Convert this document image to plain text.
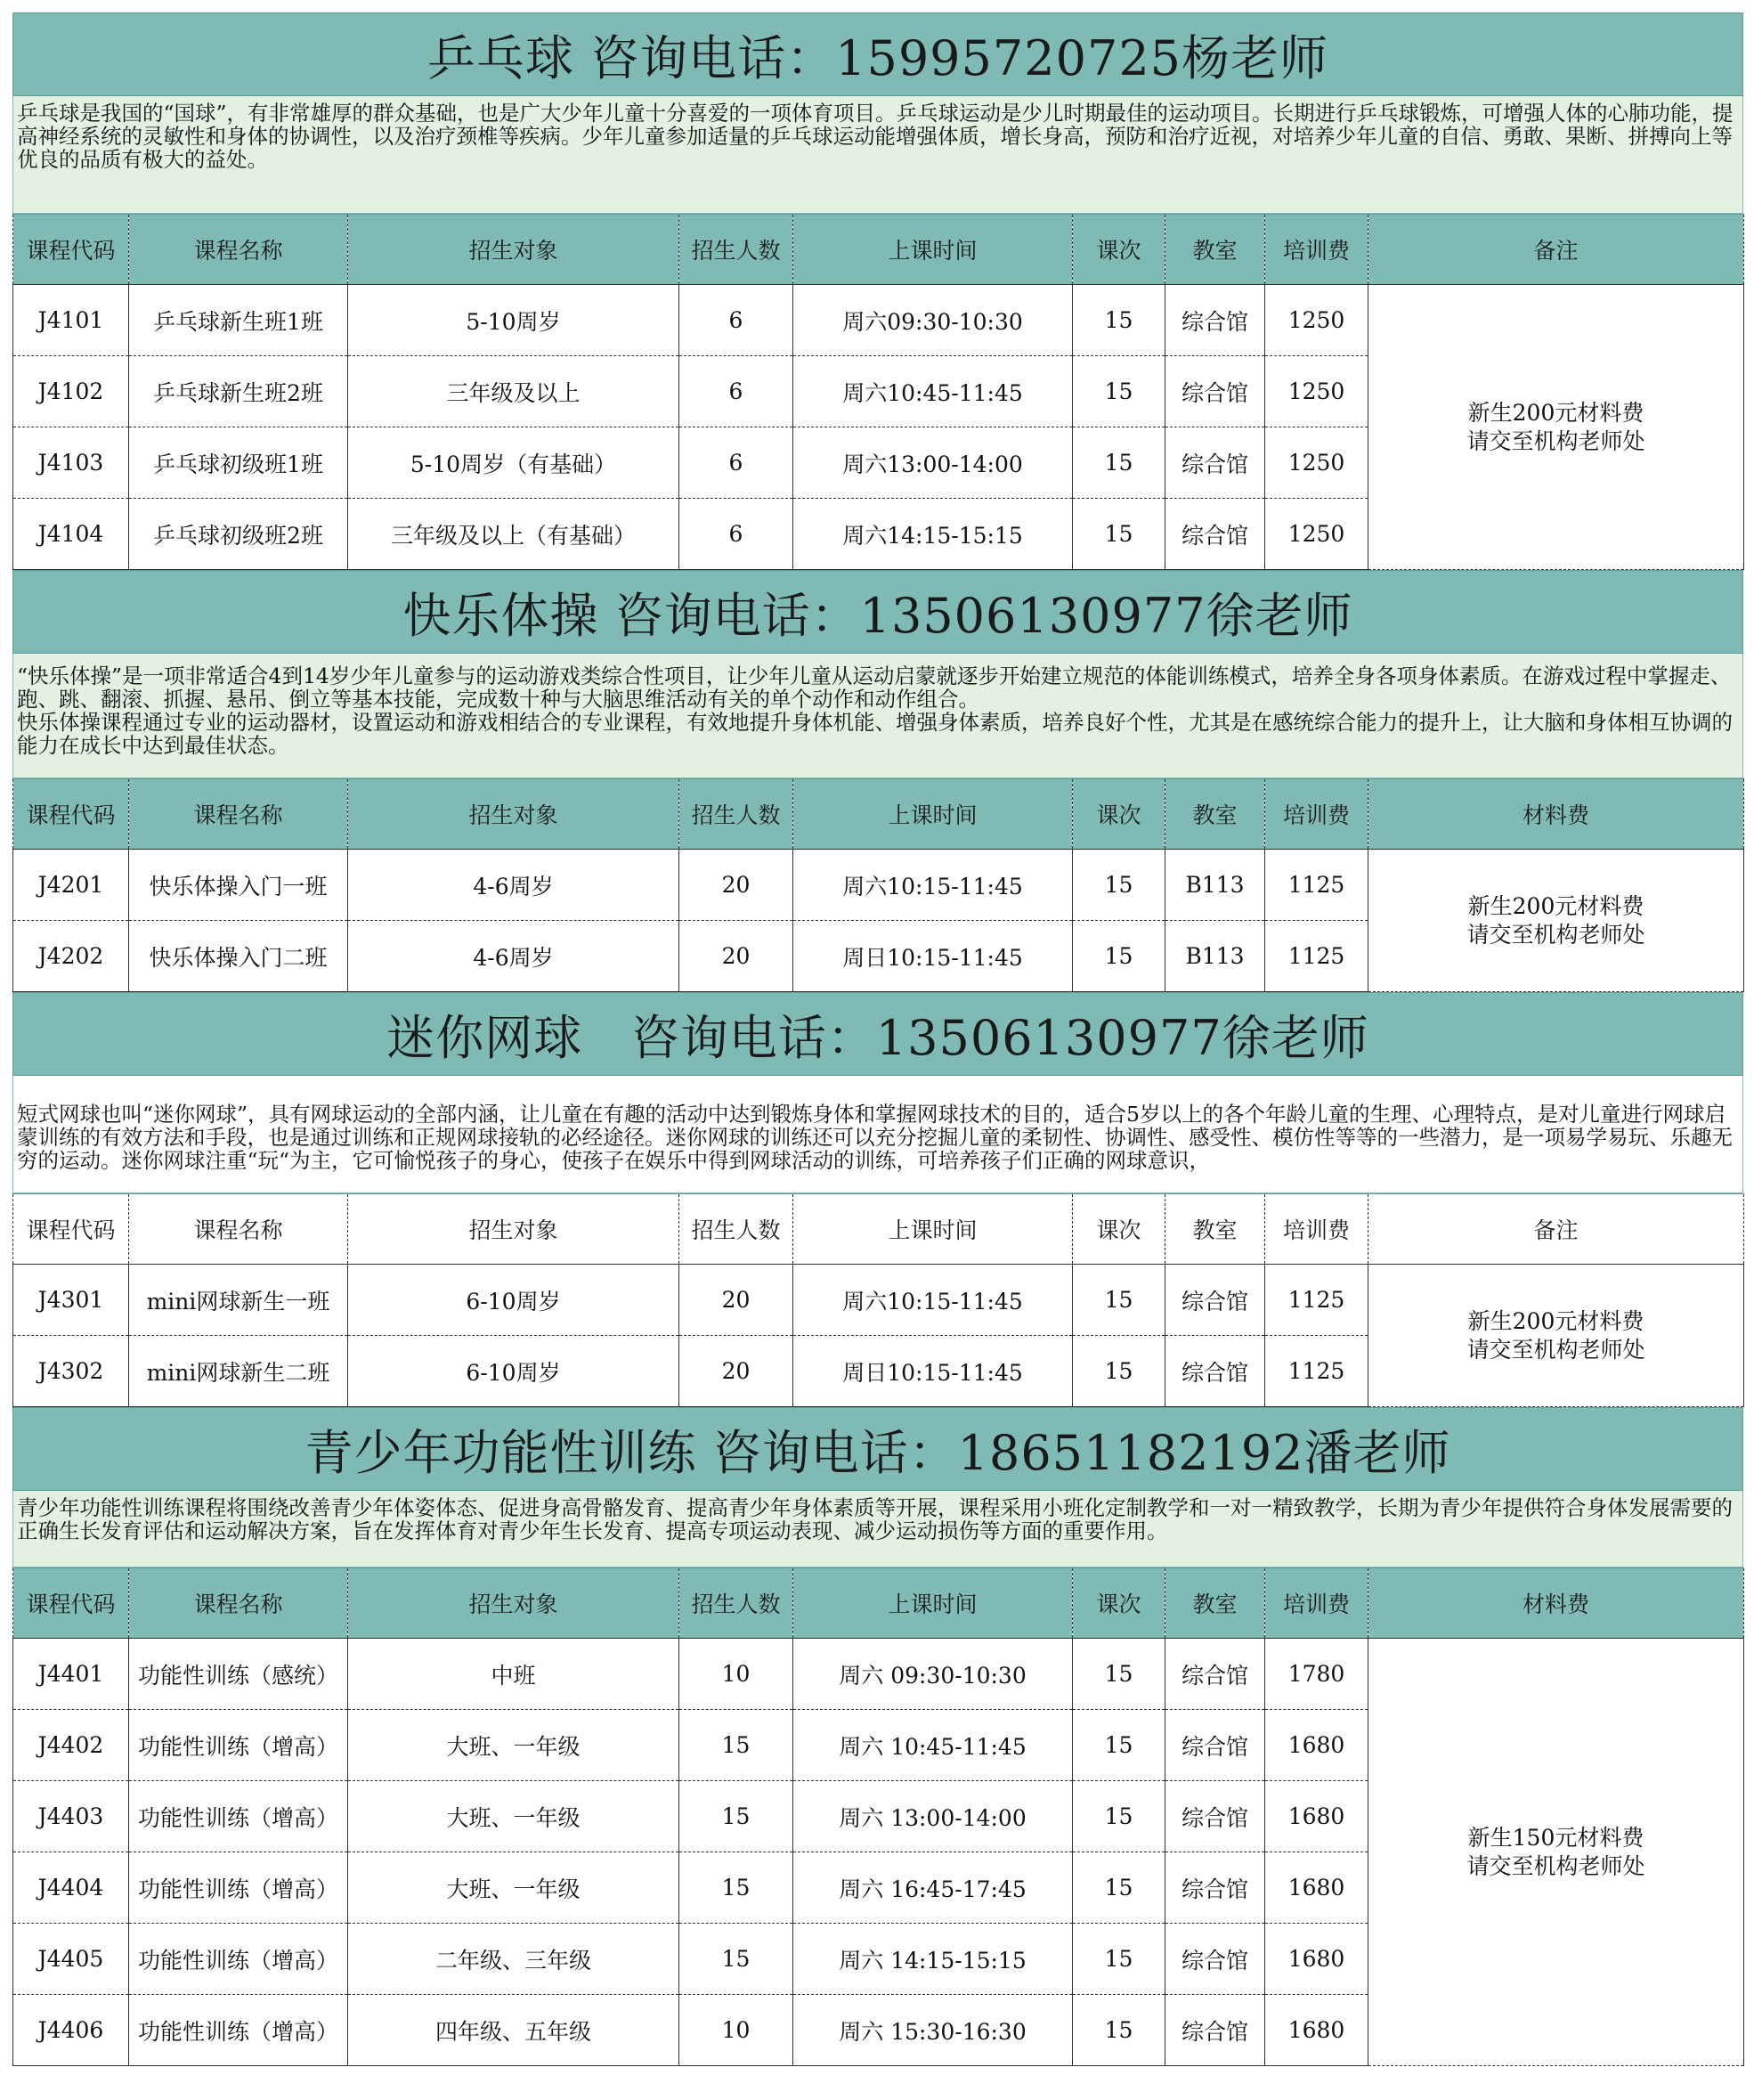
乒乓球 咨询电话：15995720725杨老师

乒乓球是我国的“国球”，有非常雄厚的群众基础，也是广大少年儿童十分喜爱的一项体育项目。乒乓球运动是少儿时期最佳的运动项目。长期进行乒乓球锻炼，可增强人体的心肺功能，提高神经系统的灵敏性和身体的协调性，以及治疗颈椎等疾病。少年儿童参加适量的乒乓球运动能增强体质，增长身高，预防和治疗近视，对培养少年儿童的自信、勇敢、果断、拼搏向上等优良的品质有极大的益处。

课程代码	课程名称	招生对象	招生人数	上课时间	课次	教室	培训费	备注
J4101	乒乓球新生班1班	5-10周岁	6	周六09:30-10:30	15	综合馆	1250	新生200元材料费
请交至机构老师处
J4102	乒乓球新生班2班	三年级及以上	6	周六10:45-11:45	15	综合馆	1250	
J4103	乒乓球初级班1班	5-10周岁（有基础）	6	周六13:00-14:00	15	综合馆	1250	
J4104	乒乓球初级班2班	三年级及以上（有基础）	6	周六14:15-15:15	15	综合馆	1250	
快乐体操 咨询电话：13506130977徐老师

“快乐体操”是一项非常适合4到14岁少年儿童参与的运动游戏类综合性项目，让少年儿童从运动启蒙就逐步开始建立规范的体能训练模式，培养全身各项身体素质。在游戏过程中掌握走、跑、跳、翻滚、抓握、悬吊、倒立等基本技能，完成数十种与大脑思维活动有关的单个动作和动作组合。

快乐体操课程通过专业的运动器材，设置运动和游戏相结合的专业课程，有效地提升身体机能、增强身体素质，培养良好个性，尤其是在感统综合能力的提升上，让大脑和身体相互协调的能力在成长中达到最佳状态。

课程代码	课程名称	招生对象	招生人数	上课时间	课次	教室	培训费	材料费
J4201	快乐体操入门一班	4-6周岁	20	周六10:15-11:45	15	B113	1125	新生200元材料费
请交至机构老师处
J4202	快乐体操入门二班	4-6周岁	20	周日10:15-11:45	15	B113	1125	
迷你网球   咨询电话：13506130977徐老师

短式网球也叫“迷你网球”，具有网球运动的全部内涵，让儿童在有趣的活动中达到锻炼身体和掌握网球技术的目的，适合5岁以上的各个年龄儿童的生理、心理特点，是对儿童进行网球启蒙训练的有效方法和手段，也是通过训练和正规网球接轨的必经途径。迷你网球的训练还可以充分挖掘儿童的柔韧性、协调性、感受性、模仿性等等的一些潜力，是一项易学易玩、乐趣无穷的运动。迷你网球注重“玩“为主，它可愉悦孩子的身心，使孩子在娱乐中得到网球活动的训练，可培养孩子们正确的网球意识，

课程代码	课程名称	招生对象	招生人数	上课时间	课次	教室	培训费	备注
J4301	mini网球新生一班	6-10周岁	20	周六10:15-11:45	15	综合馆	1125	新生200元材料费
请交至机构老师处
J4302	mini网球新生二班	6-10周岁	20	周日10:15-11:45	15	综合馆	1125	
青少年功能性训练 咨询电话：18651182192潘老师

青少年功能性训练课程将围绕改善青少年体姿体态、促进身高骨骼发育、提高青少年身体素质等开展，课程采用小班化定制教学和一对一精致教学，长期为青少年提供符合身体发展需要的正确生长发育评估和运动解决方案，旨在发挥体育对青少年生长发育、提高专项运动表现、减少运动损伤等方面的重要作用。

课程代码	课程名称	招生对象	招生人数	上课时间	课次	教室	培训费	材料费
J4401	功能性训练（感统）	中班	10	周六 09:30-10:30	15	综合馆	1780	新生150元材料费
请交至机构老师处
J4402	功能性训练（增高）	大班、一年级	15	周六 10:45-11:45	15	综合馆	1680	
J4403	功能性训练（增高）	大班、一年级	15	周六 13:00-14:00	15	综合馆	1680	
J4404	功能性训练（增高）	大班、一年级	15	周六 16:45-17:45	15	综合馆	1680	
J4405	功能性训练（增高）	二年级、三年级	15	周六 14:15-15:15	15	综合馆	1680	
J4406	功能性训练（增高）	四年级、五年级	10	周六 15:30-16:30	15	综合馆	1680	
